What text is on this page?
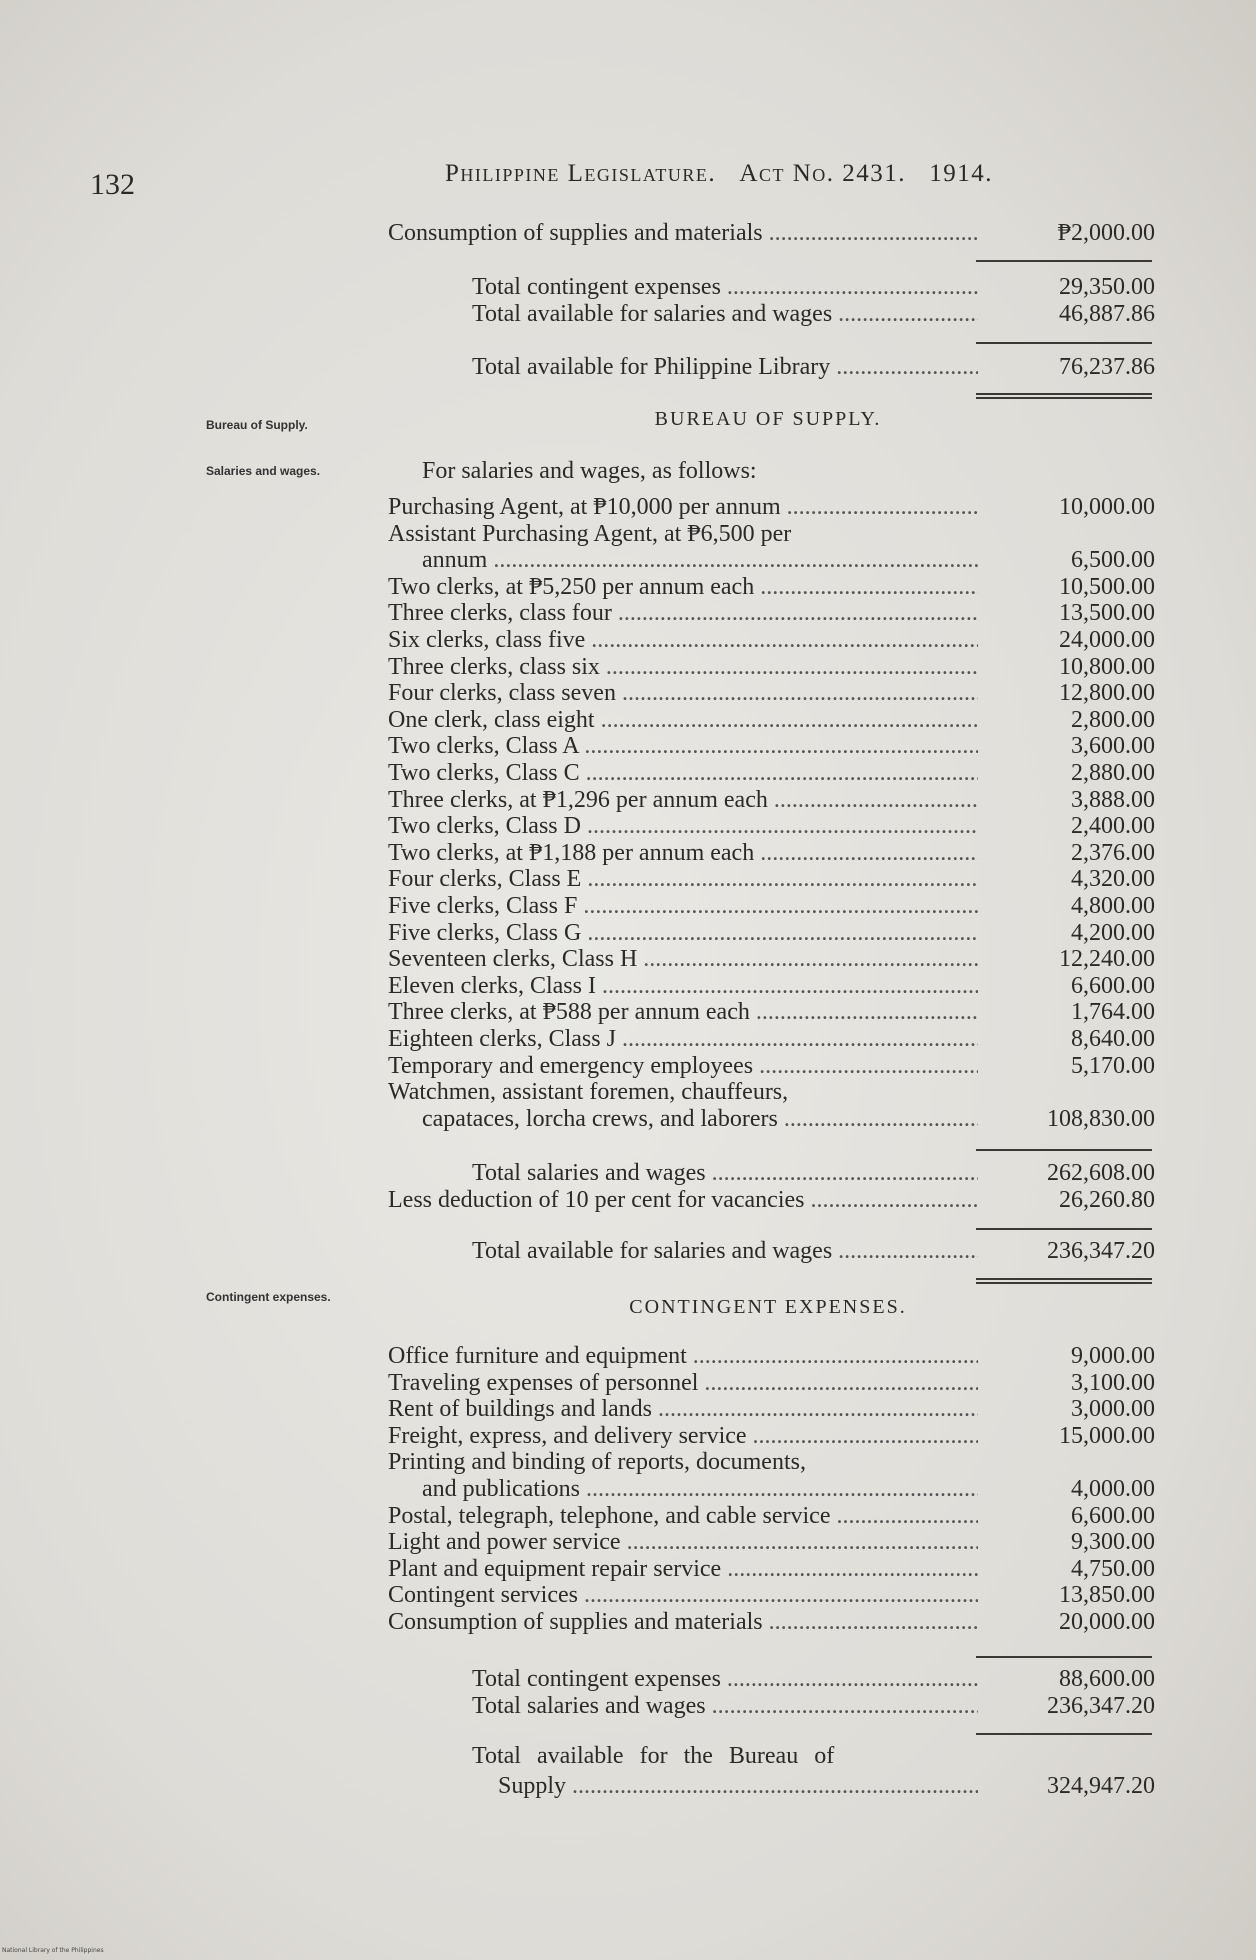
132	Philippine Legislature. Act No. 2431. 1914.
Consumption of supplies and materials .....	₱2,000.00
Total contingent expenses .....	29,350.00
Total available for salaries and wages .....	46,887.86
Total available for Philippine Library .....	76,237.86
Bureau of Supply.	BUREAU OF SUPPLY.
Salaries and wages.	For salaries and wages, as follows:
Purchasing Agent, at ₱10,000 per annum .....	10,000.00
Assistant Purchasing Agent, at ₱6,500 per
annum .....	6,500.00
Two clerks, at ₱5,250 per annum each .....	10,500.00
Three clerks, class four .....	13,500.00
Six clerks, class five .....	24,000.00
Three clerks, class six .....	10,800.00
Four clerks, class seven .....	12,800.00
One clerk, class eight .....	2,800.00
Two clerks, Class A .....	3,600.00
Two clerks, Class C .....	2,880.00
Three clerks, at ₱1,296 per annum each .....	3,888.00
Two clerks, Class D .....	2,400.00
Two clerks, at ₱1,188 per annum each .....	2,376.00
Four clerks, Class E .....	4,320.00
Five clerks, Class F .....	4,800.00
Five clerks, Class G .....	4,200.00
Seventeen clerks, Class H .....	12,240.00
Eleven clerks, Class I .....	6,600.00
Three clerks, at ₱588 per annum each .....	1,764.00
Eighteen clerks, Class J .....	8,640.00
Temporary and emergency employees .....	5,170.00
Watchmen, assistant foremen, chauffeurs,
capataces, lorcha crews, and laborers .....	108,830.00
Total salaries and wages .....	262,608.00
Less deduction of 10 per cent for vacancies .....	26,260.80
Total available for salaries and wages .....	236,347.20
Contingent expenses.	CONTINGENT EXPENSES.
Office furniture and equipment .....	9,000.00
Traveling expenses of personnel .....	3,100.00
Rent of buildings and lands .....	3,000.00
Freight, express, and delivery service .....	15,000.00
Printing and binding of reports, documents,
and publications .....	4,000.00
Postal, telegraph, telephone, and cable service .....	6,600.00
Light and power service .....	9,300.00
Plant and equipment repair service .....	4,750.00
Contingent services .....	13,850.00
Consumption of supplies and materials .....	20,000.00
Total contingent expenses .....	88,600.00
Total salaries and wages .....	236,347.20
Total available for the Bureau of
Supply .....	324,947.20
National Library of the Philippines
